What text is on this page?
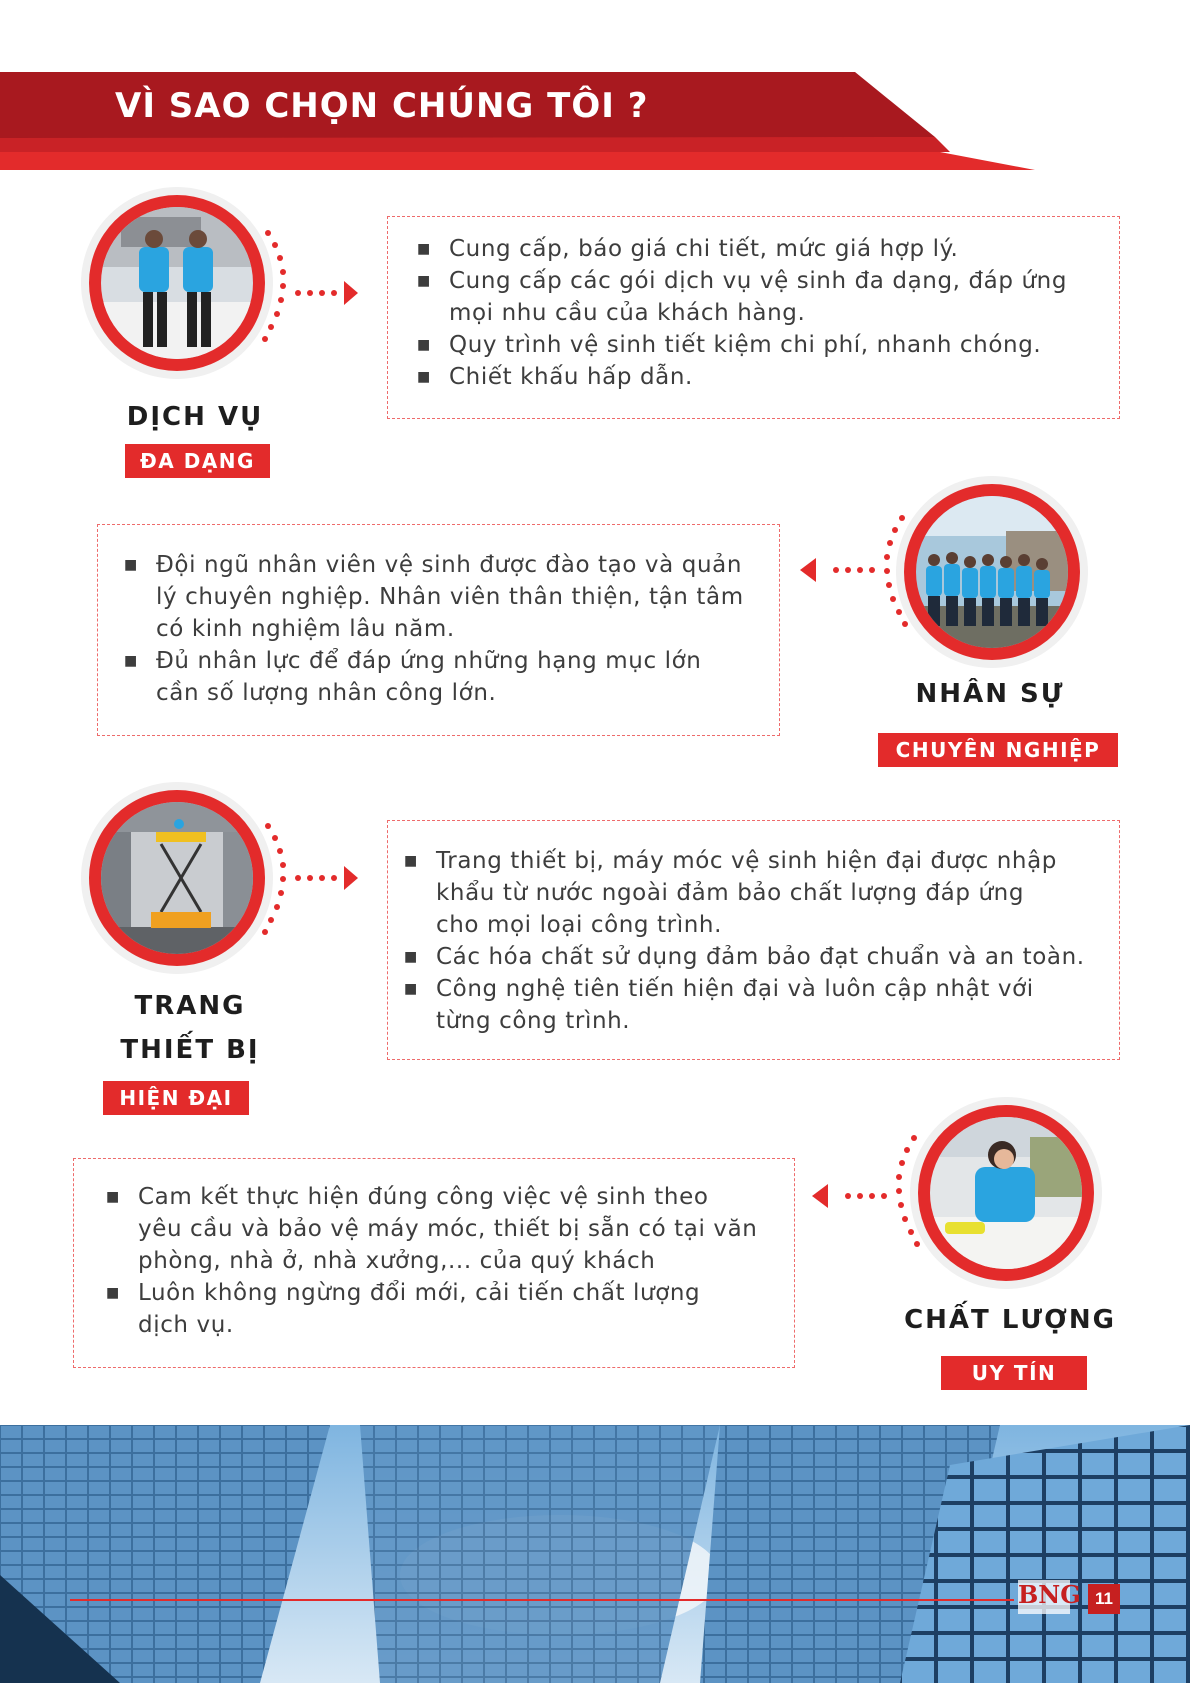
VÌ SAO CHỌN CHÚNG TÔI ?
DỊCH VỤ
ĐA DẠNG
■ Cung cấp, báo giá chi tiết, mức giá hợp lý.
■ Cung cấp các gói dịch vụ vệ sinh đa dạng, đáp ứng
mọi nhu cầu của khách hàng.
■ Quy trình vệ sinh tiết kiệm chi phí, nhanh chóng.
■ Chiết khấu hấp dẫn.
■ Đội ngũ nhân viên vệ sinh được đào tạo và quản
lý chuyên nghiệp. Nhân viên thân thiện, tận tâm
có kinh nghiệm lâu năm.
■ Đủ nhân lực để đáp ứng những hạng mục lớn
cần số lượng nhân công lớn.	NHÂN SỰ
CHUYÊN NGHIỆP
TRANG
THIẾT BỊ
HIỆN ĐẠI
■ Trang thiết bị, máy móc vệ sinh hiện đại được nhập
khẩu từ nước ngoài đảm bảo chất lượng đáp ứng
cho mọi loại công trình.
■ Các hóa chất sử dụng đảm bảo đạt chuẩn và an toàn.
■ Công nghệ tiên tiến hiện đại và luôn cập nhật với
từng công trình.
■ Cam kết thực hiện đúng công việc vệ sinh theo
yêu cầu và bảo vệ máy móc, thiết bị sẵn có tại văn
phòng, nhà ở, nhà xưởng,... của quý khách
■ Luôn không ngừng đổi mới, cải tiến chất lượng
dịch vụ.	CHẤT LƯỢNG
UY TÍN
BNG 11
